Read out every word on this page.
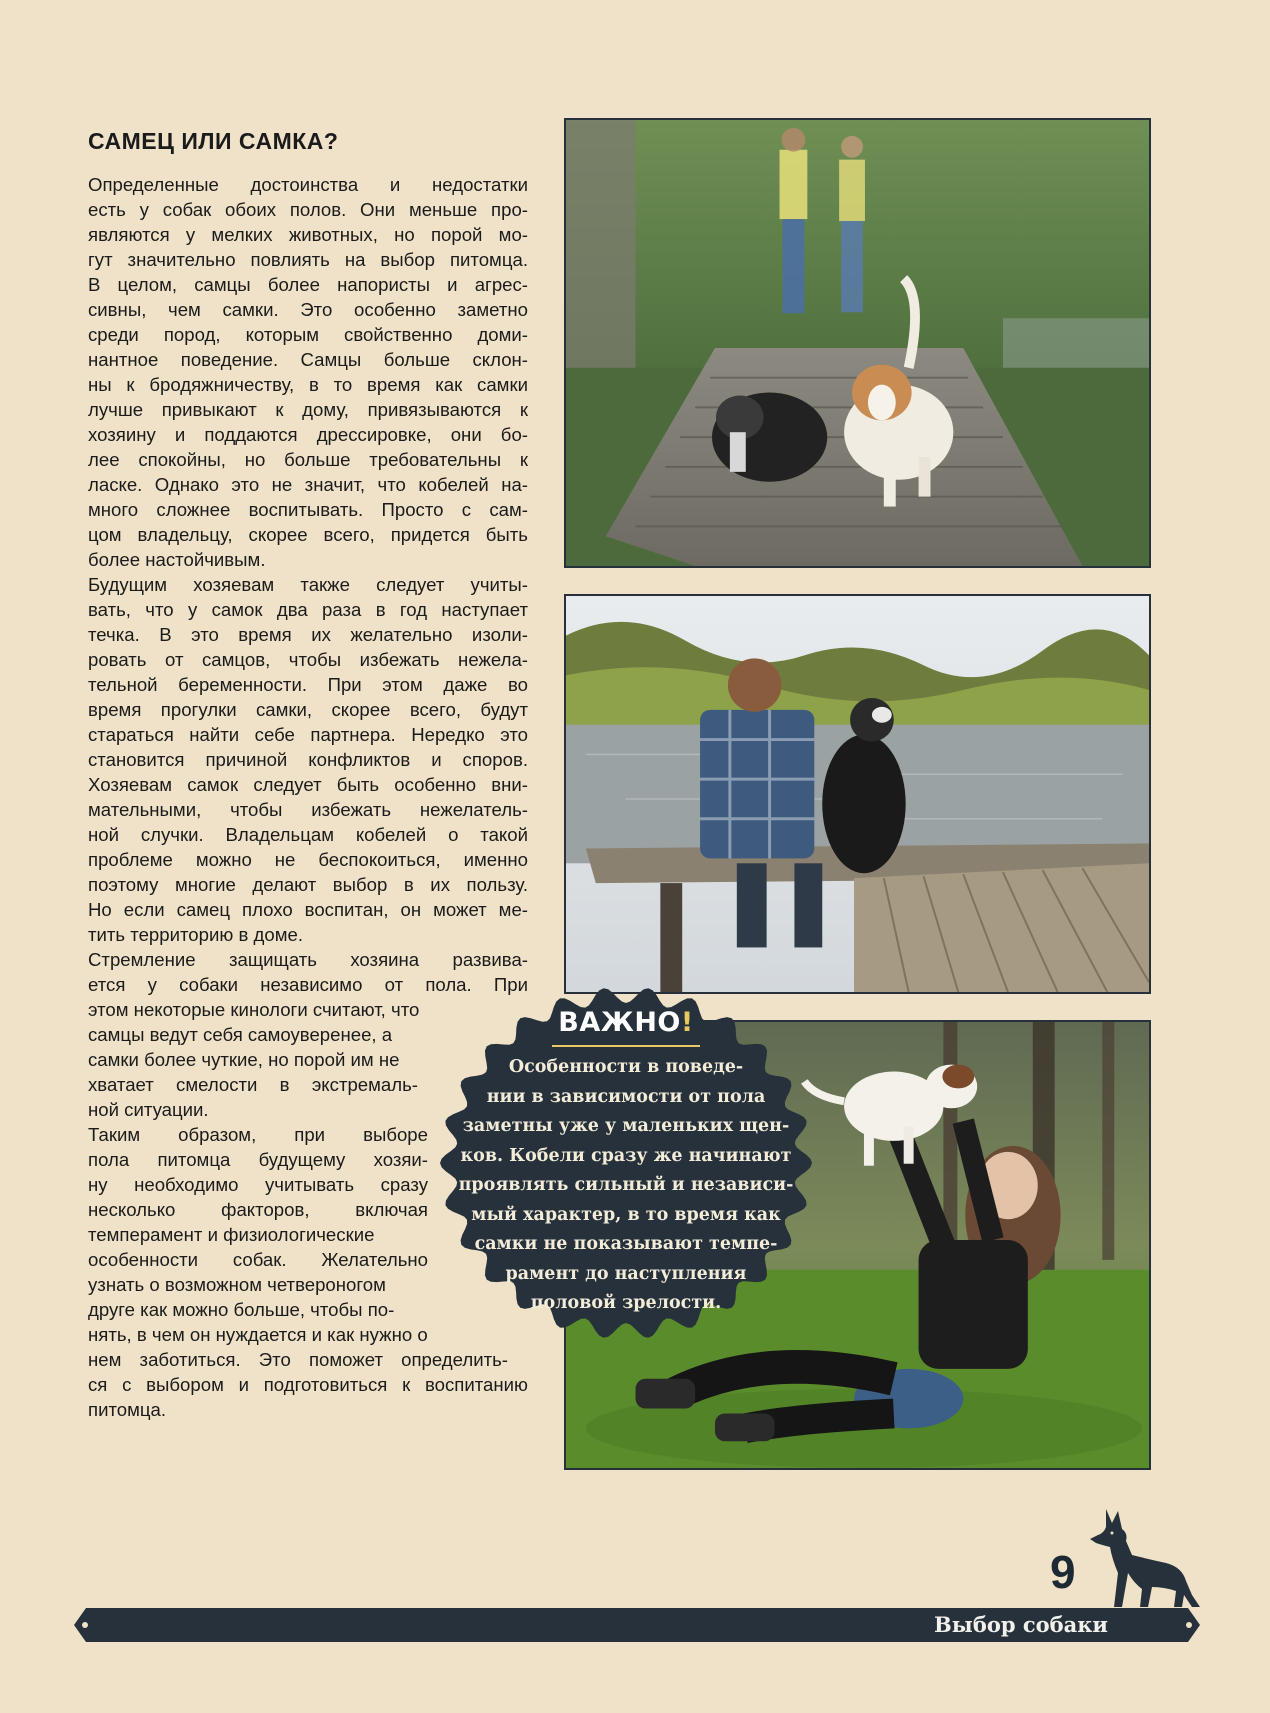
САМЕЦ ИЛИ САМКА?
Определенные достоинства и недостатки
есть у собак обоих полов. Они меньше про-
являются у мелких животных, но порой мо-
гут значительно повлиять на выбор питомца.
В целом, самцы более напористы и агрес-
сивны, чем самки. Это особенно заметно
среди пород, которым свойственно доми-
нантное поведение. Самцы больше склон-
ны к бродяжничеству, в то время как самки
лучше привыкают к дому, привязываются к
хозяину и поддаются дрессировке, они бо-
лее спокойны, но больше требовательны к
ласке. Однако это не значит, что кобелей на-
много сложнее воспитывать. Просто с сам-
цом владельцу, скорее всего, придется быть
более настойчивым.
Будущим хозяевам также следует учиты-
вать, что у самок два раза в год наступает
течка. В это время их желательно изоли-
ровать от самцов, чтобы избежать нежела-
тельной беременности. При этом даже во
время прогулки самки, скорее всего, будут
стараться найти себе партнера. Нередко это
становится причиной конфликтов и споров.
Хозяевам самок следует быть особенно вни-
мательными, чтобы избежать нежелатель-
ной случки. Владельцам кобелей о такой
проблеме можно не беспокоиться, именно
поэтому многие делают выбор в их пользу.
Но если самец плохо воспитан, он может ме-
тить территорию в доме.
Стремление защищать хозяина развива-
ется у собаки независимо от пола. При
этом некоторые кинологи считают, что
самцы ведут себя самоуверенее, а
самки более чуткие, но порой им не
хватает смелости в экстремаль-
ной ситуации.
Таким образом, при выборе
пола питомца будущему хозяи-
ну необходимо учитывать сразу
несколько факторов, включая
темперамент и физиологические
особенности собак. Желательно
узнать о возможном четвероногом
друге как можно больше, чтобы по-
нять, в чем он нуждается и как нужно о
нем заботиться. Это поможет определить-
ся с выбором и подготовиться к воспитанию
питомца.
ВАЖНО!
Особенности в поведе-
нии в зависимости от пола
заметны уже у маленьких щен-
ков. Кобели сразу же начинают
проявлять сильный и независи-
мый характер, в то время как
самки не показывают темпе-
рамент до наступления
половой зрелости.
9
Выбор собаки
